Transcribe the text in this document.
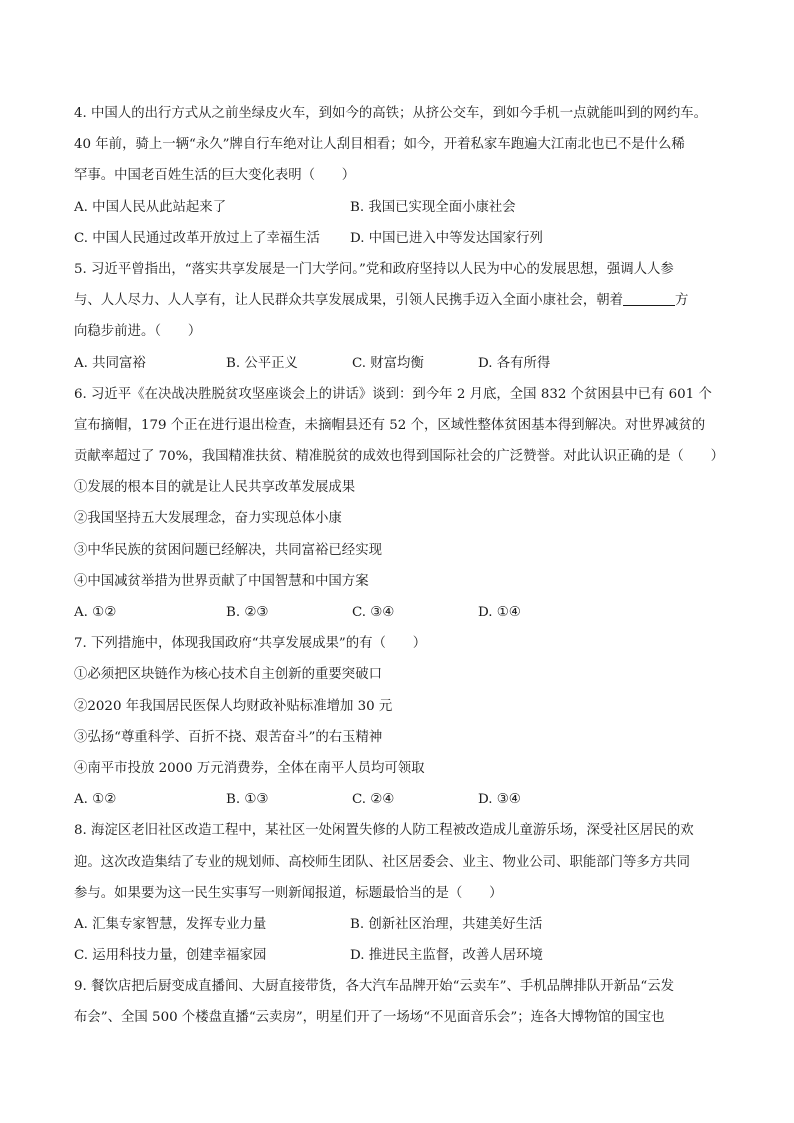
4. 中国人的出行方式从之前坐绿皮火车，到如今的高铁；从挤公交车，到如今手机一点就能叫到的网约车。
40 年前，骑上一辆“永久”牌自行车绝对让人刮目相看；如今，开着私家车跑遍大江南北也已不是什么稀
罕事。中国老百姓生活的巨大变化表明（　　）
A. 中国人民从此站起来了	B. 我国已实现全面小康社会
C. 中国人民通过改革开放过上了幸福生活 D. 中国已进入中等发达国家行列
5. 习近平曾指出，“落实共享发展是一门大学问。”党和政府坚持以人民为中心的发展思想，强调人人参
与、人人尽力、人人享有，让人民群众共享发展成果，引领人民携手迈入全面小康社会，朝着	方
向稳步前进。（　　）
A. 共同富裕	B. 公平正义	C. 财富均衡	D. 各有所得
6. 习近平《在决战决胜脱贫攻坚座谈会上的讲话》谈到：到今年 2 月底，全国 832 个贫困县中已有 601 个
宣布摘帽，179 个正在进行退出检查，未摘帽县还有 52 个，区域性整体贫困基本得到解决。对世界减贫的
贡献率超过了 70%，我国精准扶贫、精准脱贫的成效也得到国际社会的广泛赞誉。对此认识正确的是（　　）
①发展的根本目的就是让人民共享改革发展成果
②我国坚持五大发展理念，奋力实现总体小康
③中华民族的贫困问题已经解决，共同富裕已经实现
④中国减贫举措为世界贡献了中国智慧和中国方案
A. ①②	B. ②③	C. ③④	D. ①④
7. 下列措施中，体现我国政府“共享发展成果”的有（　　）
①必须把区块链作为核心技术自主创新的重要突破口
②2020 年我国居民医保人均财政补贴标准增加 30 元
③弘扬“尊重科学、百折不挠、艰苦奋斗”的右玉精神
④南平市投放 2000 万元消费券，全体在南平人员均可领取
A. ①②	B. ①③	C. ②④	D. ③④
8. 海淀区老旧社区改造工程中，某社区一处闲置失修的人防工程被改造成儿童游乐场，深受社区居民的欢
迎。这次改造集结了专业的规划师、高校师生团队、社区居委会、业主、物业公司、职能部门等多方共同
参与。如果要为这一民生实事写一则新闻报道，标题最恰当的是（　　）
A. 汇集专家智慧，发挥专业力量	B. 创新社区治理，共建美好生活
C. 运用科技力量，创建幸福家园	D. 推进民主监督，改善人居环境
9. 餐饮店把后厨变成直播间、大厨直接带货，各大汽车品牌开始“云卖车”、手机品牌排队开新品“云发
布会”、全国 500 个楼盘直播“云卖房”，明星们开了一场场“不见面音乐会”；连各大博物馆的国宝也
